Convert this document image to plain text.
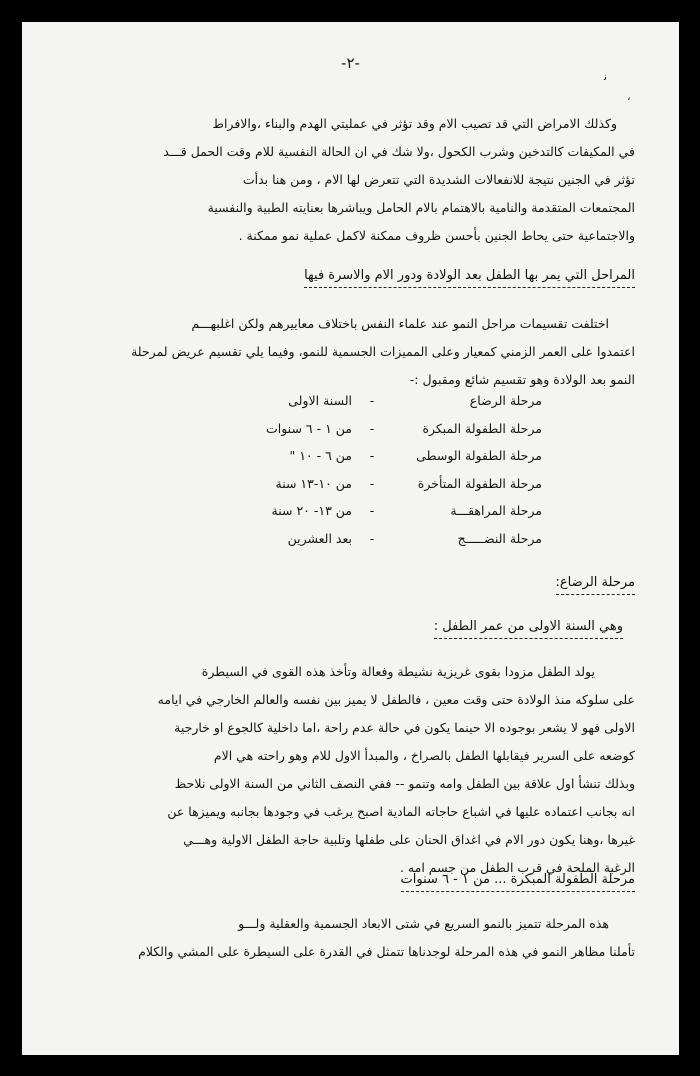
-٢-
ﻧ
،
وكذلك الامراض التي قد تصيب الام وقد تؤثر في عمليتي الهدم والبناء ،والافراط
في المكيفات كالتدخين وشرب الكحول ،ولا شك في ان الحالة النفسية للام وقت الحمل قـــد
تؤثر في الجنين نتيجة للانفعالات الشديدة التي تتعرض لها الام ، ومن هنا بدأت
المجتمعات المتقدمة والنامية بالاهتمام بالام الحامل ويباشرها بعنايته الطبية والنفسية
والاجتماعية حتى يحاط الجنين بأحسن ظروف ممكنة لاكمل عملية نمو ممكنة .
المراحل التي يمر بها الطفل بعد الولادة ودور الام والاسرة فيها
اختلفت تقسيمات مراحل النمو عند علماء النفس باختلاف معاييرهم ولكن اغلبهـــم
اعتمدوا على العمر الزمني كمعيار وعلى المميزات الجسمية للنمو، وفيما يلي تقسيم عريض لمرحلة
النمو بعد الولادة وهو تقسيم شائع ومقبول :-
مرحلة الرضاع
-
السنة الاولى
مرحلة الطفولة المبكرة
-
من ١ - ٦ سنوات
مرحلة الطفولة الوسطى
-
من ٦ - ١٠ "
مرحلة الطفولة المتأخرة
-
من ١٠-١٣ سنة
مرحلة المراهقـــة
-
من ١٣- ٢٠ سنة
مرحلة النضـــــج
-
بعد العشرين
مرحلة الرضاع:
وهي السنة الاولى من عمر الطفل :
يولد الطفل مزودا بقوى غريزية نشيطة وفعالة وتأخذ هذه القوى في السيطرة
على سلوكه منذ الولادة حتى وقت معين ، فالطفل لا يميز بين نفسه والعالم الخارجي في ايامه
الاولى فهو لا يشعر بوجوده الا حينما يكون في حالة عدم راحة ،اما داخلية كالجوع او خارجية
كوضعه على السرير فيقابلها الطفل بالصراخ ، والمبدأ الاول للام وهو راحته هي الام
وبذلك تنشأ اول علاقة بين الطفل وامه وتنمو -- ففي النصف الثاني من السنة الاولى نلاحظ
انه بجانب اعتماده عليها في اشباع حاجاته المادية اصبح يرغب في وجودها بجانبه ويميزها عن
غيرها ،وهنا يكون دور الام في اغداق الحنان على طفلها وتلبية حاجة الطفل الاولية وهـــي
الرغبة الملحة في قرب الطفل من جسم امه .
مرحلة الطفولة المبكرة ... من ١ - ٦ سنوات
هذه المرحلة تتميز بالنمو السريع في شتى الابعاد الجسمية والعقلية ولـــو
تأملنا مظاهر النمو في هذه المرحلة لوجدناها تتمثل في القدرة على السيطرة على المشي والكلام
